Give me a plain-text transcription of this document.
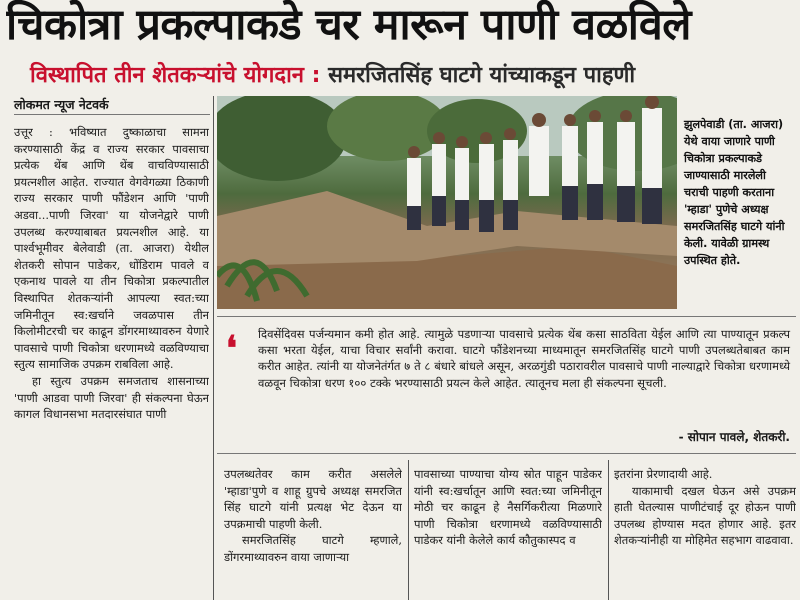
चिकोत्रा प्रकल्पाकडे चर मारून पाणी वळविले
विस्थापित तीन शेतकऱ्यांचे योगदान : समरजितसिंह घाटगे यांच्याकडून पाहणी
लोकमत न्यूज नेटवर्क

उत्तूर : भविष्यात दुष्काळाचा सामना करण्यासाठी केंद्र व राज्य सरकार पावसाचा प्रत्येक थेंब आणि थेंब वाचविण्यासाठी प्रयत्नशील आहेत. राज्यात वेगवेगळ्या ठिकाणी राज्य सरकार पाणी फौंडेशन आणि 'पाणी अडवा...पाणी जिरवा' या योजनेद्वारे पाणी उपलब्ध करण्याबाबत प्रयत्नशील आहे. या पार्श्वभूमीवर बेलेवाडी (ता. आजरा) येथील शेतकरी सोपान पाडेकर, धोंडिराम पावले व एकनाथ पावले या तीन चिकोत्रा प्रकल्पातील विस्थापित शेतकऱ्यांनी आपल्या स्वत:च्या जमिनीतून स्व:खर्चाने जवळपास तीन किलोमीटरची चर काढून डोंगरमाथ्यावरुन येणारे पावसाचे पाणी चिकोत्रा धरणामध्ये वळविण्याचा स्तुत्य सामाजिक उपक्रम राबविला आहे.

हा स्तुत्य उपक्रम समजताच शासनाच्या 'पाणी आडवा पाणी जिरवा' ही संकल्पना घेऊन कागल विधानसभा मतदारसंघात पाणी

झुलपेवाडी (ता. आजरा) येथे वाया जाणारे पाणी चिकोत्रा प्रकल्पाकडे जाण्यासाठी मारलेली चराची पाहणी करताना 'म्हाडा' पुणेचे अध्यक्ष समरजितसिंह घाटगे यांनी केली. यावेळी ग्रामस्थ उपस्थित होते.
❛	दिवसेंदिवस पर्जन्यमान कमी होत आहे. त्यामुळे पडणाऱ्या पावसाचे प्रत्येक थेंब कसा साठविता येईल आणि त्या पाण्यातून प्रकल्प कसा भरता येईल, याचा विचार सर्वांनी करावा. घाटगे फौंडेशनच्या माध्यमातून समरजितसिंह घाटगे पाणी उपलब्धतेबाबत काम करीत आहेत. त्यांनी या योजनेतंर्गत ७ ते ८ बंधारे बांधले असून, अरळगुंडी पठारावरील पावसाचे पाणी नाल्याद्वारे चिकोत्रा धरणामध्ये वळवून चिकोत्रा धरण १०० टक्के भरण्यासाठी प्रयत्न केले आहेत. त्यातूनच मला ही संकल्पना सूचली.
- सोपान पावले, शेतकरी.

उपलब्धतेवर काम करीत असलेले 'म्हाडा'पुणे व शाहू ग्रुपचे अध्यक्ष समरजित सिंह घाटगे यांनी प्रत्यक्ष भेट देऊन या उपक्रमाची पाहणी केली.

समरजितसिंह घाटगे म्हणाले, डोंगरमाथ्यावरुन वाया जाणाऱ्या

पावसाच्या पाण्याचा योग्य स्रोत पाहून पाडेकर यांनी स्व:खर्चातून आणि स्वत:च्या जमिनीतून मोठी चर काढून हे नैसर्गिकरीत्या मिळणारे पाणी चिकोत्रा धरणामध्ये वळविण्यासाठी पाडेकर यांनी केलेले कार्य कौतुकास्पद व

इतरांना प्रेरणादायी आहे.

याकामाची दखल घेऊन असे उपक्रम हाती घेतल्यास पाणीटंचाई दूर होऊन पाणी उपलब्ध होण्यास मदत होणार आहे. इतर शेतकऱ्यांनीही या मोहिमेत सहभाग वाढवावा.
